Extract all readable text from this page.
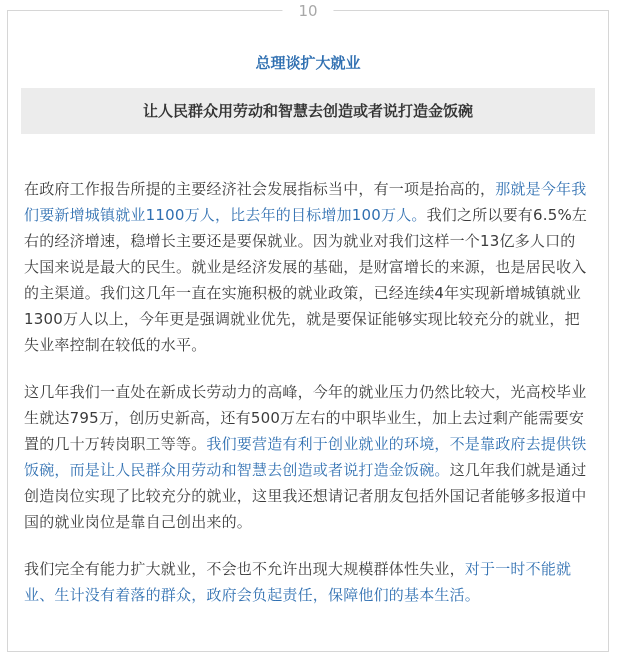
10
总理谈扩大就业
让人民群众用劳动和智慧去创造或者说打造金饭碗

在政府工作报告所提的主要经济社会发展指标当中，有一项是抬高的，那就是今年我们要新增城镇就业1100万人，比去年的目标增加100万人。我们之所以要有6.5%左右的经济增速，稳增长主要还是要保就业。因为就业对我们这样一个13亿多人口的大国来说是最大的民生。就业是经济发展的基础，是财富增长的来源，也是居民收入的主渠道。我们这几年一直在实施积极的就业政策，已经连续4年实现新增城镇就业1300万人以上，今年更是强调就业优先，就是要保证能够实现比较充分的就业，把失业率控制在较低的水平。

这几年我们一直处在新成长劳动力的高峰，今年的就业压力仍然比较大，光高校毕业生就达795万，创历史新高，还有500万左右的中职毕业生，加上去过剩产能需要安置的几十万转岗职工等等。我们要营造有利于创业就业的环境，不是靠政府去提供铁饭碗，而是让人民群众用劳动和智慧去创造或者说打造金饭碗。这几年我们就是通过创造岗位实现了比较充分的就业，这里我还想请记者朋友包括外国记者能够多报道中国的就业岗位是靠自己创出来的。

我们完全有能力扩大就业，不会也不允许出现大规模群体性失业，对于一时不能就业、生计没有着落的群众，政府会负起责任，保障他们的基本生活。
